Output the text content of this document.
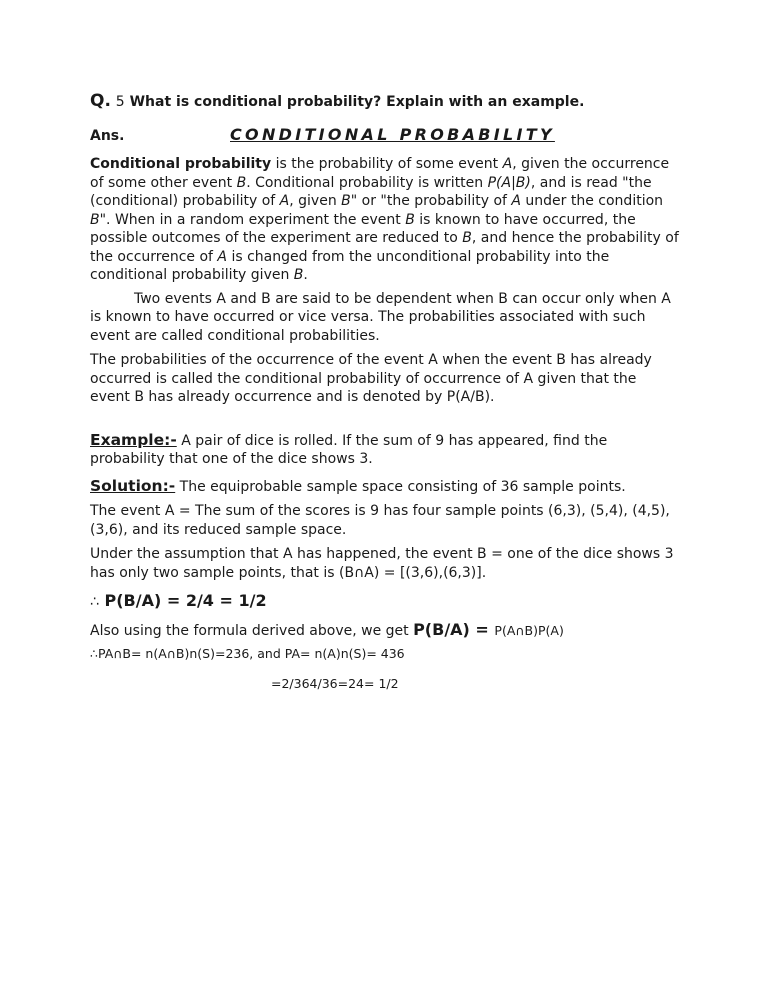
Q. 5 What is conditional probability? Explain with an example.

Ans.	CONDITIONAL PROBABILITY

Conditional probability is the probability of some event A, given the occurrence of some other event B. Conditional probability is written P(A|B), and is read "the (conditional) probability of A, given B" or "the probability of A under the condition B". When in a random experiment the event B is known to have occurred, the possible outcomes of the experiment are reduced to B, and hence the probability of the occurrence of A is changed from the unconditional probability into the conditional probability given B.

Two events A and B are said to be dependent when B can occur only when A is known to have occurred or vice versa. The probabilities associated with such event are called conditional probabilities.

The probabilities of the occurrence of the event A when the event B has already occurred is called the conditional probability of occurrence of A given that the event B has already occurrence and is denoted by P(A/B).

Example:- A pair of dice is rolled. If the sum of 9 has appeared, find the probability that one of the dice shows 3.

Solution:- The equiprobable sample space consisting of 36 sample points.

The event A = The sum of the scores is 9 has four sample points (6,3), (5,4), (4,5), (3,6), and its reduced sample space.

Under the assumption that A has happened, the event B = one of the dice shows 3 has only two sample points, that is (B∩A) = [(3,6),(6,3)].

∴ P(B/A) = 2/4 = 1/2

Also using the formula derived above, we get P(B/A) = P(A∩B)P(A)

∴PA∩B= n(A∩B)n(S)=236, and PA= n(A)n(S)= 436

=2/364/36=24= 1/2
